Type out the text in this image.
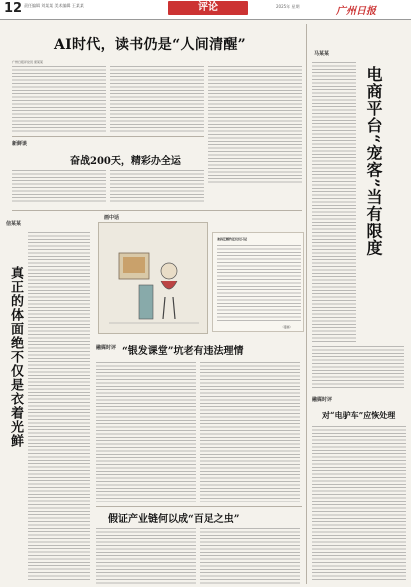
12 责任编辑 刘某某 美术编辑 王某某	评论	2025年 星期	广州日报
AI时代，读书仍是“人间清醒”
广州日报评论员 庞某某
新鲜谈
奋战200天，精彩办全运
马某某
电商平台“宠客”当有限度
信某某
真正的体面绝不仅是衣着光鲜
画中话
劝拆迁解约还仅仅只是
（漫画）
融媒时评 “银发课堂”坑老有违法理情
融媒时评
对“电驴车”应恢处理
假证产业链何以成“百足之虫”
